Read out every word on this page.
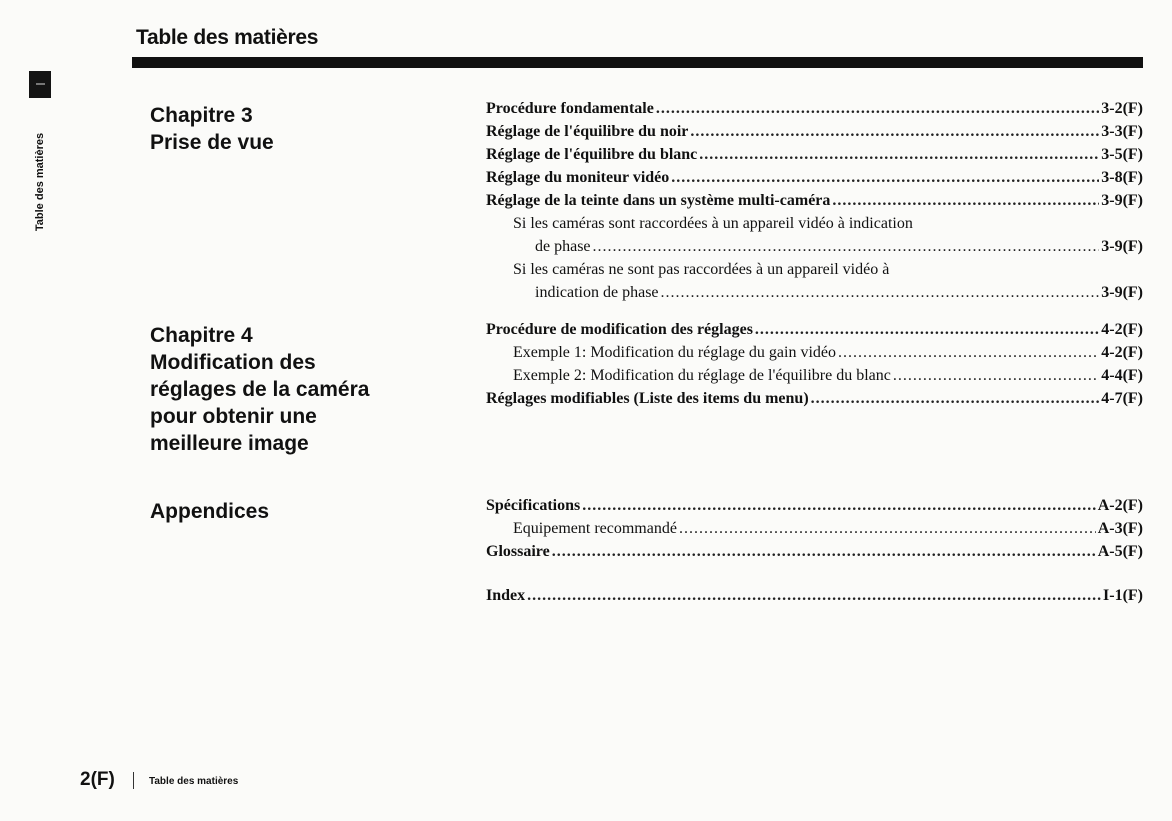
Table des matières
Table des matières
Chapitre 3
Prise de vue
Procédure fondamentale .....	3-2(F)
Réglage de l'équilibre du noir .....	3-3(F)
Réglage de l'équilibre du blanc .....	3-5(F)
Réglage du moniteur vidéo .....	3-8(F)
Réglage de la teinte dans un système multi-caméra .....	3-9(F)
Si les caméras sont raccordées à un appareil vidéo à indication
de phase .....	3-9(F)
Si les caméras ne sont pas raccordées à un appareil vidéo à
indication de phase .....	3-9(F)
Chapitre 4
Modification des
réglages de la caméra
pour obtenir une
meilleure image
Procédure de modification des réglages .....	4-2(F)
Exemple 1: Modification du réglage du gain vidéo .....	4-2(F)
Exemple 2: Modification du réglage de l'équilibre du blanc .....	4-4(F)
Réglages modifiables (Liste des items du menu) .....	4-7(F)
Appendices	Spécifications .....	A-2(F)
Equipement recommandé .....	A-3(F)
Glossaire .....	A-5(F)
Index .....	I-1(F)
2(F)	Table des matières
